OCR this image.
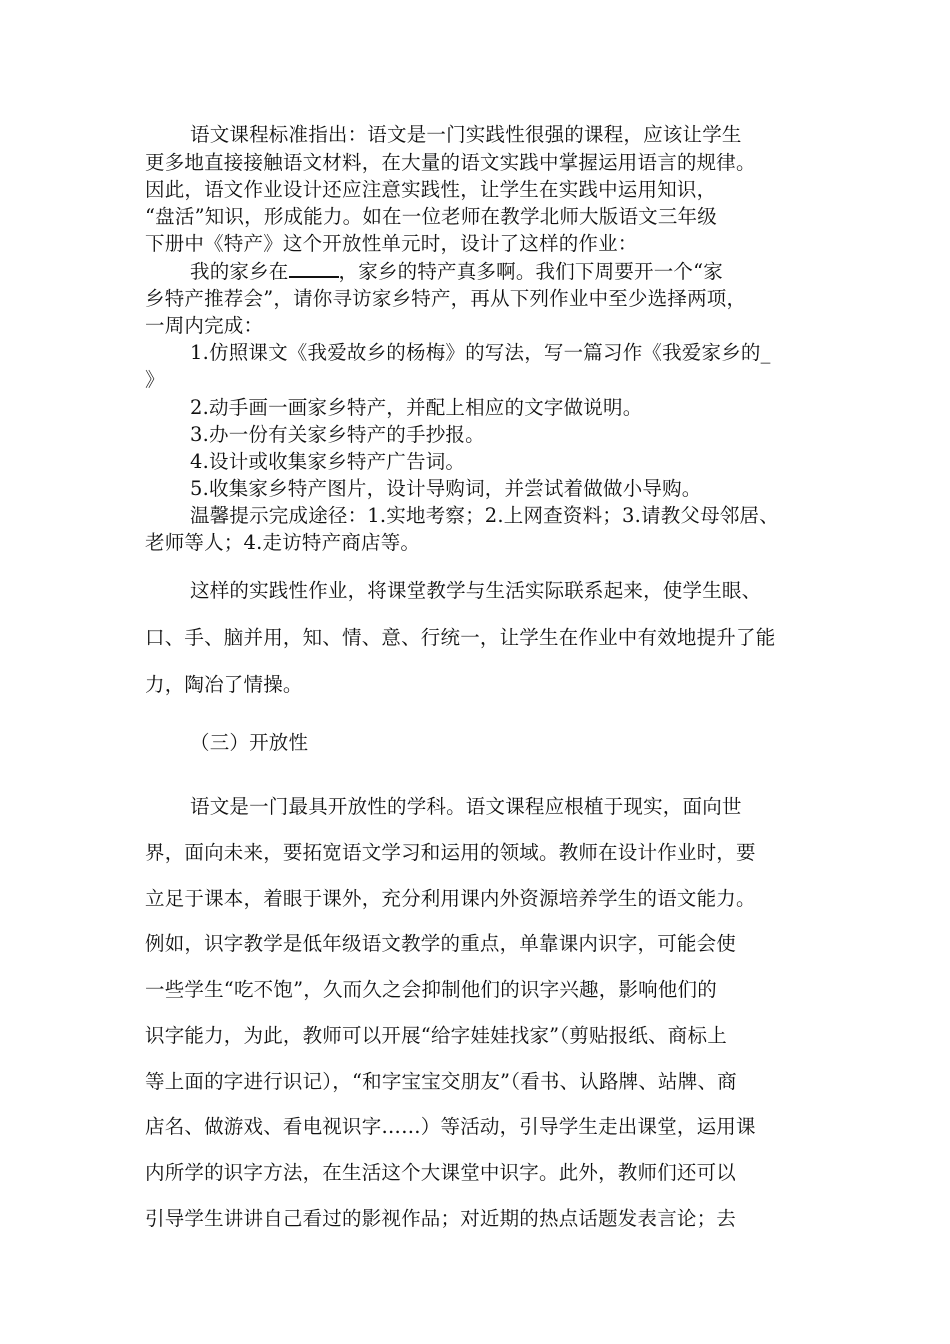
语文课程标准指出：语文是一门实践性很强的课程，应该让学生
更多地直接接触语文材料，在大量的语文实践中掌握运用语言的规律。
因此，语文作业设计还应注意实践性，让学生在实践中运用知识，
“盘活”知识，形成能力。如在一位老师在教学北师大版语文三年级
下册中《特产》这个开放性单元时，设计了这样的作业：
我的家乡在	，家乡的特产真多啊。我们下周要开一个“家
乡特产推荐会”，请你寻访家乡特产，再从下列作业中至少选择两项，
一周内完成：
1.仿照课文《我爱故乡的杨梅》的写法，写一篇习作《我爱家乡的_
》
2.动手画一画家乡特产，并配上相应的文字做说明。
3.办一份有关家乡特产的手抄报。
4.设计或收集家乡特产广告词。
5.收集家乡特产图片，设计导购词，并尝试着做做小导购。
温馨提示完成途径：1.实地考察；2.上网查资料；3.请教父母邻居、
老师等人；4.走访特产商店等。
这样的实践性作业，将课堂教学与生活实际联系起来，使学生眼、
口、手、脑并用，知、情、意、行统一，让学生在作业中有效地提升了能
力，陶冶了情操。
（三）开放性
语文是一门最具开放性的学科。语文课程应根植于现实，面向世
界，面向未来，要拓宽语文学习和运用的领域。教师在设计作业时，要
立足于课本，着眼于课外，充分利用课内外资源培养学生的语文能力。
例如，识字教学是低年级语文教学的重点，单靠课内识字，可能会使
一些学生“吃不饱”，久而久之会抑制他们的识字兴趣，影响他们的
识字能力，为此，教师可以开展“给字娃娃找家”（剪贴报纸、商标上
等上面的字进行识记），“和字宝宝交朋友”（看书、认路牌、站牌、商
店名、做游戏、看电视识字……）等活动，引导学生走出课堂，运用课
内所学的识字方法，在生活这个大课堂中识字。此外，教师们还可以
引导学生讲讲自己看过的影视作品；对近期的热点话题发表言论；去
